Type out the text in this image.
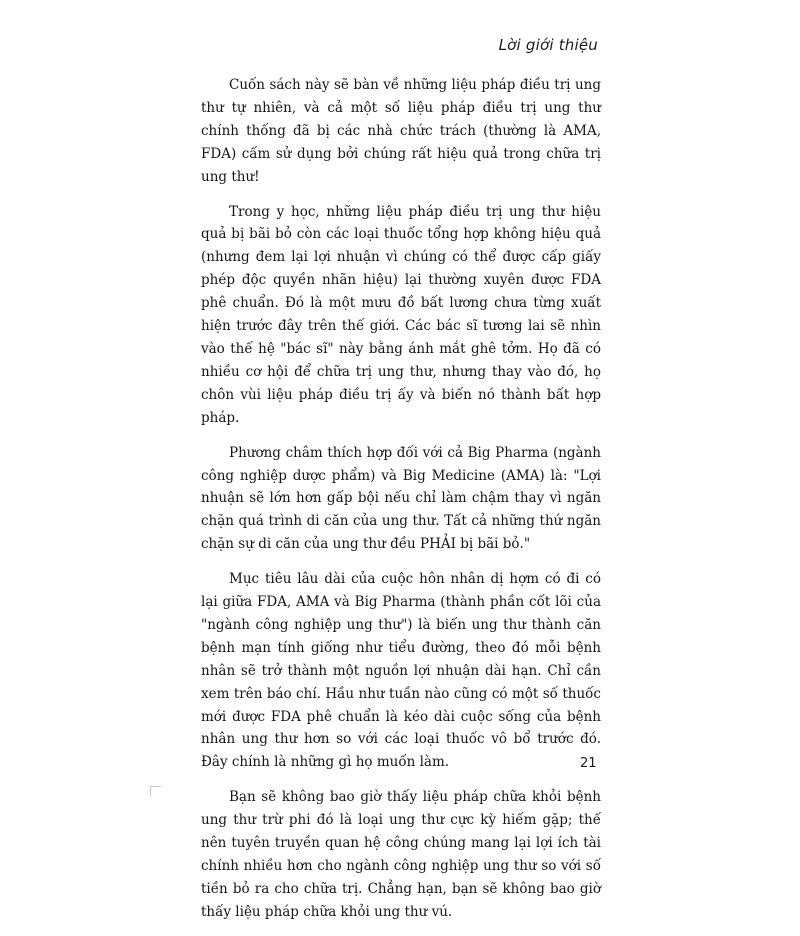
Lời giới thiệu

Cuốn sách này sẽ bàn về những liệu pháp điều trị ung thư tự nhiên, và cả một số liệu pháp điều trị ung thư chính thống đã bị các nhà chức trách (thường là AMA, FDA) cấm sử dụng bởi chúng rất hiệu quả trong chữa trị ung thư!

Trong y học, những liệu pháp điều trị ung thư hiệu quả bị bãi bỏ còn các loại thuốc tổng hợp không hiệu quả (nhưng đem lại lợi nhuận vì chúng có thể được cấp giấy phép độc quyền nhãn hiệu) lại thường xuyên được FDA phê chuẩn. Đó là một mưu đồ bất lương chưa từng xuất hiện trước đây trên thế giới. Các bác sĩ tương lai sẽ nhìn vào thế hệ "bác sĩ" này bằng ánh mắt ghê tởm. Họ đã có nhiều cơ hội để chữa trị ung thư, nhưng thay vào đó, họ chôn vùi liệu pháp điều trị ấy và biến nó thành bất hợp pháp.

Phương châm thích hợp đối với cả Big Pharma (ngành công nghiệp dược phẩm) và Big Medicine (AMA) là: "Lợi nhuận sẽ lớn hơn gấp bội nếu chỉ làm chậm thay vì ngăn chặn quá trình di căn của ung thư. Tất cả những thứ ngăn chặn sự di căn của ung thư đều PHẢI bị bãi bỏ."

Mục tiêu lâu dài của cuộc hôn nhân dị hợm có đi có lại giữa FDA, AMA và Big Pharma (thành phần cốt lõi của "ngành công nghiệp ung thư") là biến ung thư thành căn bệnh mạn tính giống như tiểu đường, theo đó mỗi bệnh nhân sẽ trở thành một nguồn lợi nhuận dài hạn. Chỉ cần xem trên báo chí. Hầu như tuần nào cũng có một số thuốc mới được FDA phê chuẩn là kéo dài cuộc sống của bệnh nhân ung thư hơn so với các loại thuốc vô bổ trước đó. Đây chính là những gì họ muốn làm.

Bạn sẽ không bao giờ thấy liệu pháp chữa khỏi bệnh ung thư trừ phi đó là loại ung thư cực kỳ hiếm gặp; thế nên tuyên truyền quan hệ công chúng mang lại lợi ích tài chính nhiều hơn cho ngành công nghiệp ung thư so với số tiền bỏ ra cho chữa trị. Chẳng hạn, bạn sẽ không bao giờ thấy liệu pháp chữa khỏi ung thư vú.

21
